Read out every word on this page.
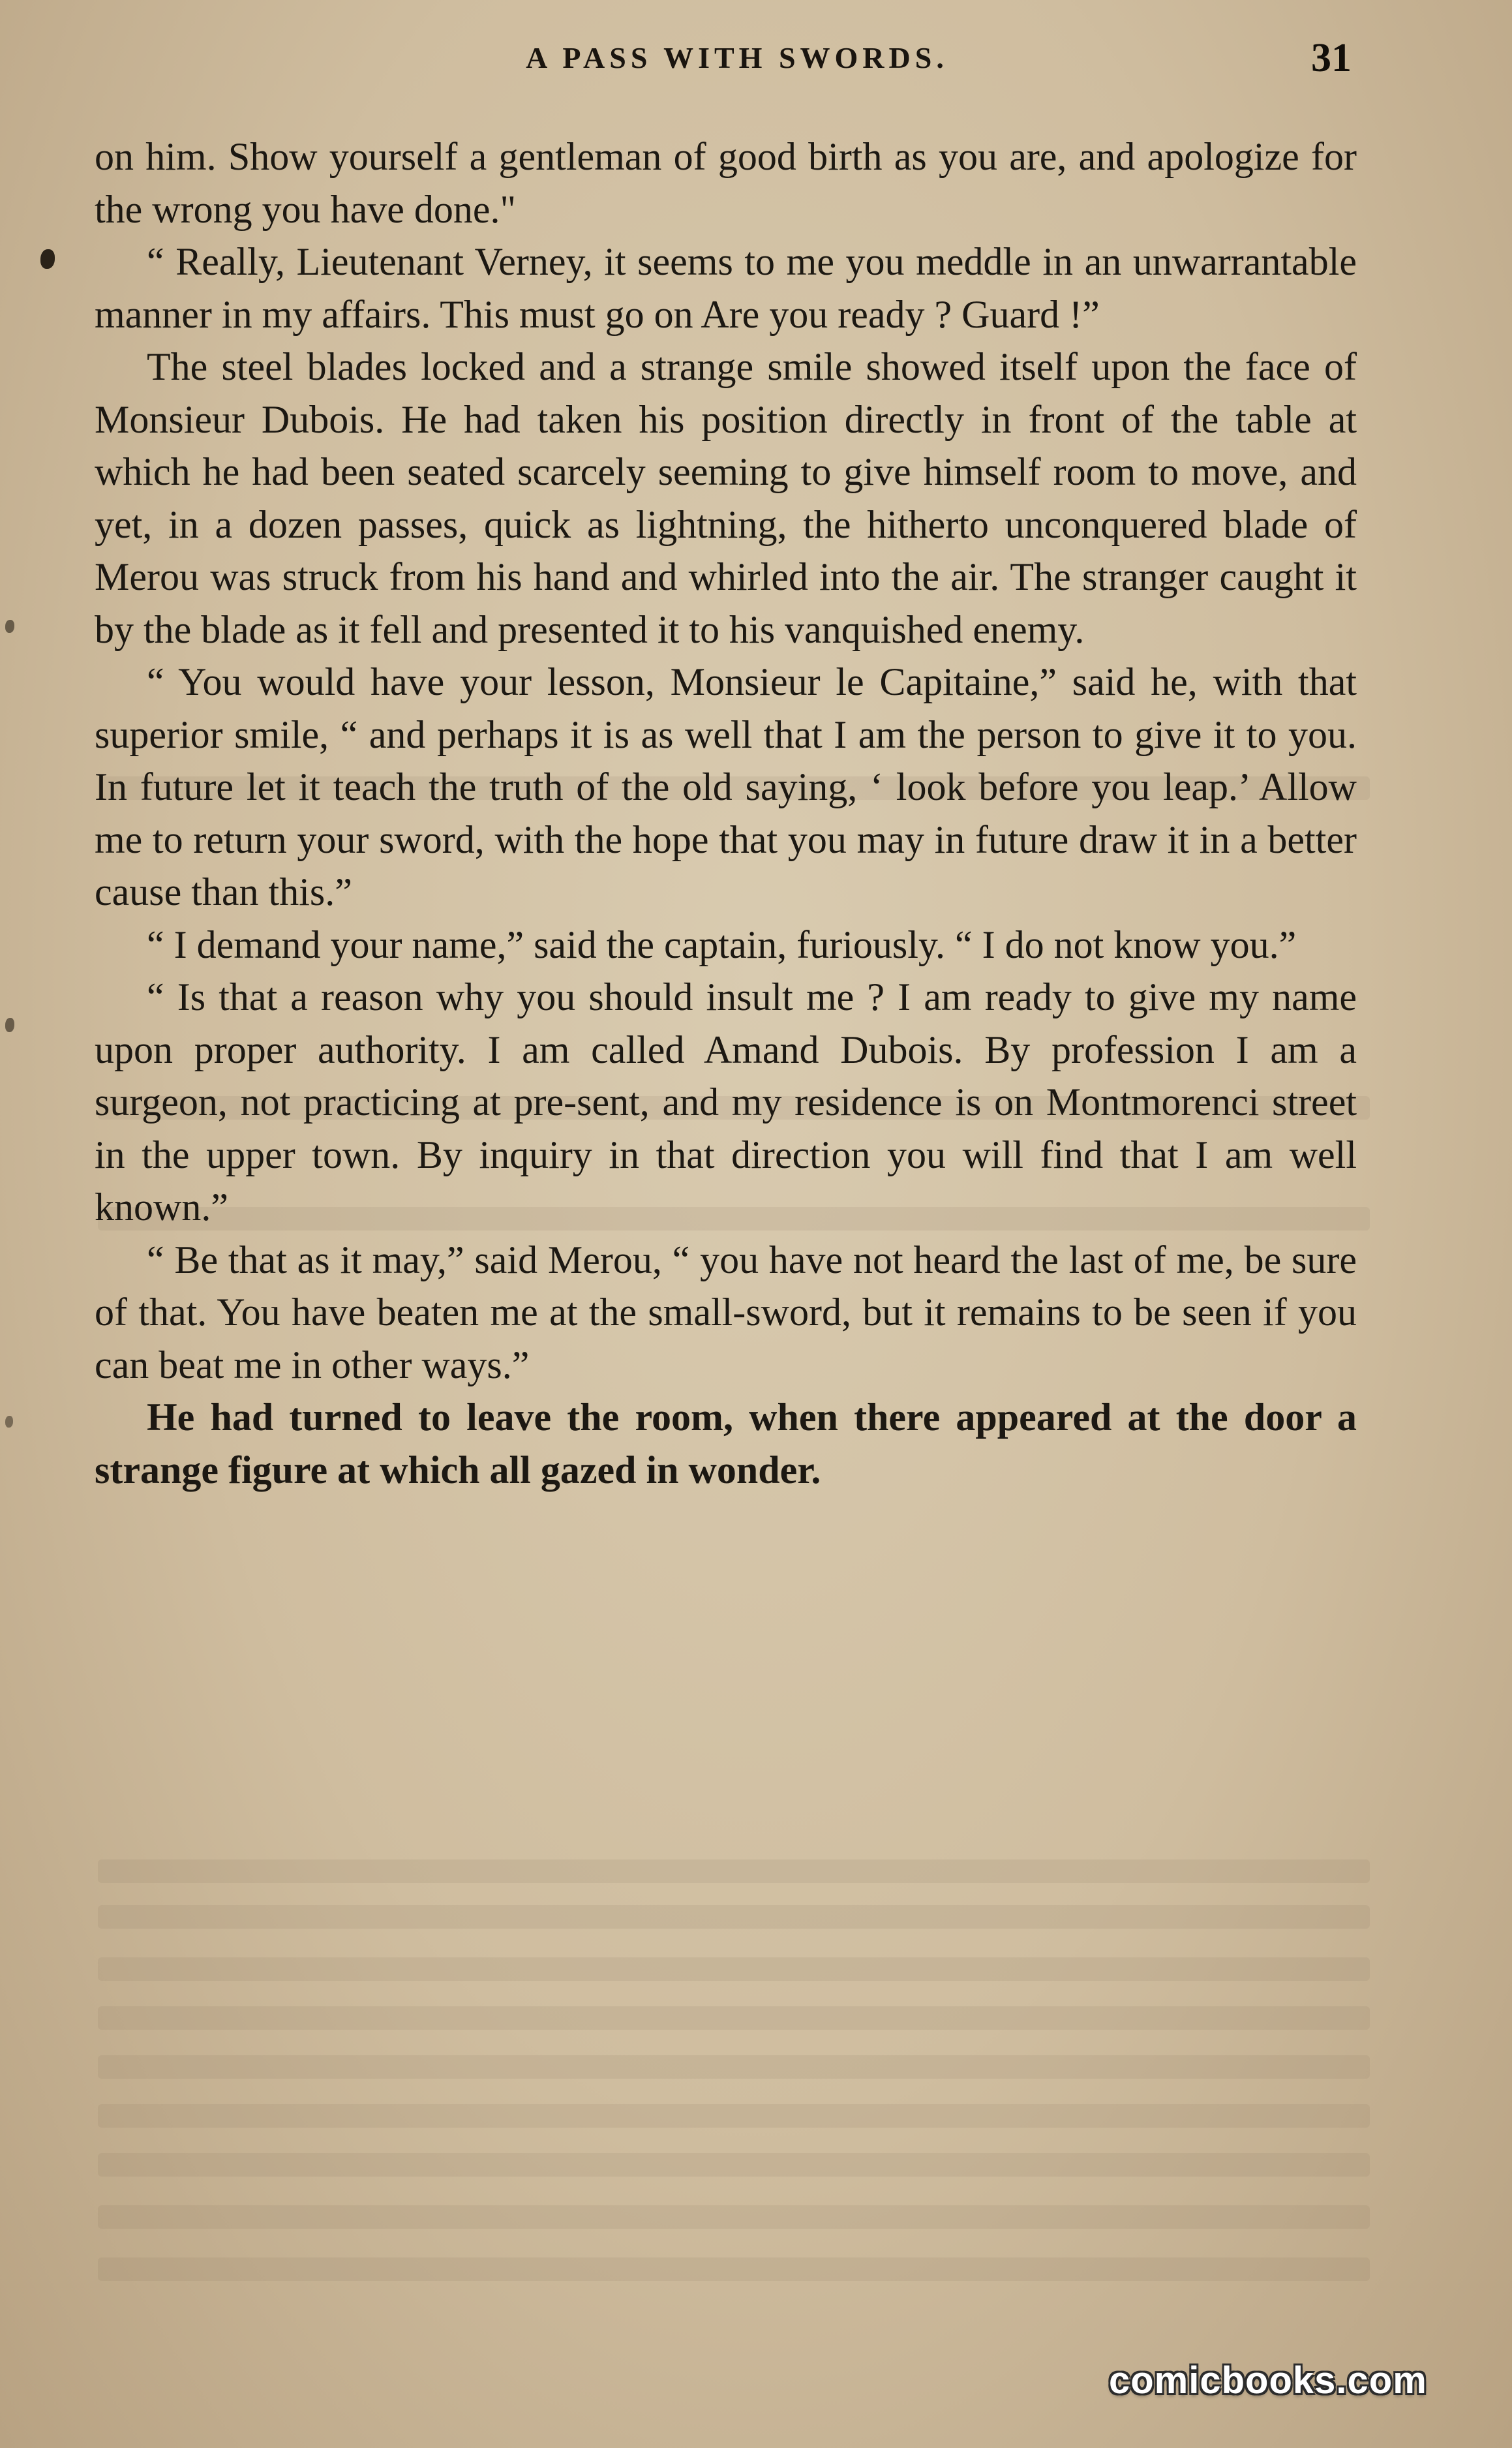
A PASS WITH SWORDS.	31

on him. Show yourself a gentleman of good birth as you are, and apologize for the wrong you have done."

“ Really, Lieutenant Verney, it seems to me you meddle in an unwarrantable manner in my affairs. This must go on Are you ready ? Guard !”

The steel blades locked and a strange smile showed itself upon the face of Monsieur Dubois. He had taken his position directly in front of the table at which he had been seated scarcely seeming to give himself room to move, and yet, in a dozen passes, quick as lightning, the hitherto unconquered blade of Merou was struck from his hand and whirled into the air. The stranger caught it by the blade as it fell and presented it to his vanquished enemy.

“ You would have your lesson, Monsieur le Capitaine,” said he, with that superior smile, “ and perhaps it is as well that I am the person to give it to you. In future let it teach the truth of the old saying, ‘ look before you leap.’ Allow me to return your sword, with the hope that you may in future draw it in a better cause than this.”

“ I demand your name,” said the captain, furiously. “ I do not know you.”

“ Is that a reason why you should insult me ? I am ready to give my name upon proper authority. I am called Amand Dubois. By profession I am a surgeon, not practicing at pre-sent, and my residence is on Montmorenci street in the upper town. By inquiry in that direction you will find that I am well known.”

“ Be that as it may,” said Merou, “ you have not heard the last of me, be sure of that. You have beaten me at the small-sword, but it remains to be seen if you can beat me in other ways.”

He had turned to leave the room, when there appeared at the door a strange figure at which all gazed in wonder.

comicbooks.com
